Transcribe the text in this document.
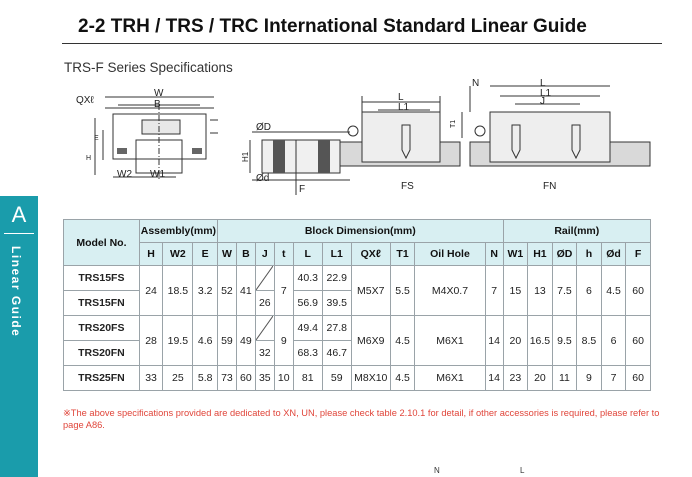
2-2 TRH / TRS / TRC International Standard Linear Guide
TRS-F Series Specifications
A
Linear Guide
QXℓ
W
B
E
H
W2 W1
ØD
H1
Ød
F
L
L1
FS
N	L
L1
J
T1
FN
Model No.	Assembly(mm)			Block Dimension(mm)										Rail(mm)					
	H	W2	E	W	B	J	t	L	L1	QXℓ	T1	Oil Hole	N	W1	H1	ØD	h	Ød	F
TRS15FS	24	18.5	3.2	52	41		7	40.3	22.9	M5X7	5.5	M4X0.7	7	15	13	7.5	6	4.5	60
TRS15FN						26		56.9	39.5										
TRS20FS	28	19.5	4.6	59	49		9	49.4	27.8	M6X9	4.5	M6X1	14	20	16.5	9.5	8.5	6	60
TRS20FN						32		68.3	46.7										
TRS25FN	33	25	5.8	73	60	35	10	81	59	M8X10	4.5	M6X1	14	23	20	11	9	7	60
※The above specifications provided are dedicated to XN, UN, please check table 2.10.1 for detail, if other accessories is required, please refer to page A86.
N	L
